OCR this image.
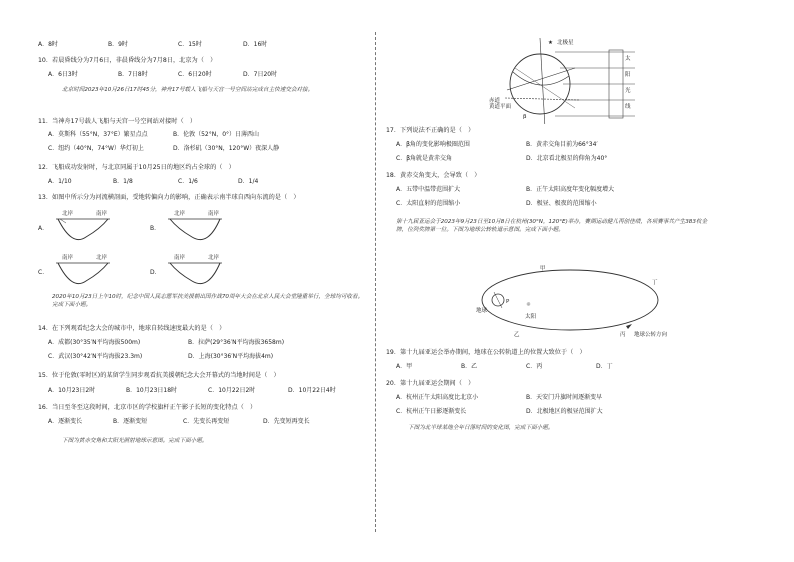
A．8时	B．9时	C．15时	D．16时
10．若晨昏线分为7月6日，非晨昏线分为7月8日，北京为（　）
A．6日3时	B．7日8时	C．6日20时	D．7日20时
北京时间2023年10月26日17时45分，神舟17号载人飞船与天宫一号空间站完成自主快速交会对接。
11．当神舟17号载人飞船与天宫一号空间站对接时（　）
A．莫斯科（55°N，37°E）繁星点点	B．伦敦（52°N，0°）日薄西山
C．纽约（40°N，74°W）华灯初上	D．洛杉矶（30°N，120°W）夜深人静
12．飞船成功发射时，与北京同属于10月25日的地区约占全球的（　）
A．1/10	B．1/8	C．1/6	D．1/4
13．如图中所示分为河流横剖面，受地转偏向力的影响，正确表示南半球自西向东流的是（　）
A．
北岸	南岸
B．
北岸	南岸
C．
南岸	北岸
D．
南岸	北岸
2020年10月23日上午10时，纪念中国人民志愿军抗美援朝出国作战70周年大会在北京人民大会堂隆重举行，全球均可收看。完成下面小题。
14．在下列观看纪念大会的城市中，地球自转线速度最大的是（　）
A．成都(30°35′N平均海拔500m)	B．拉萨(29°36′N平均海拔3658m)
C．武汉(30°42′N平均海拔23.3m)	D．上海(30°36′N平均海拔4m)
15．位于伦敦(零时区)的某留学生同步观看抗美援朝纪念大会开幕式的当地时间是（　）
A．10月23日2时	B．10月23日18时	C．10月22日2时	D．10月22日4时
16．当日至冬至这段时间，北京市区的学校旗杆正午影子长短的变化特点（　）
A．逐渐变长	B．逐渐变短	C．先变长再变短	D．先变短再变长
下图为黄赤交角和太阳光照射地球示意图。完成下面小题。
★ 北极星
太
阳
光
线
赤道
黄道平面
β
17．下列说法不正确的是（　）
A．β角的变化影响极圈范围	B．黄赤交角目前为66°34′
C．β角就是黄赤交角	D．北京看北极星的仰角为40°
18．黄赤交角变大，会导致（　）
A．五带中温带范围扩大	B．正午太阳高度年变化幅度增大
C．太阳直射的范围缩小	D．极昼、极夜的范围缩小
第十九届亚运会于2023年9月23日至10月8日在杭州(30°N，120°E)举办，赛期运动健儿再创佳绩，各项赛事共产生383枚金牌，位列奖牌第一位。下图为地球公转轨道示意图。完成下面小题。
P	☼
太阳
地球
甲
乙	丙
丁
地球公转方向
19．第十九届亚运会举办期间，地球在公转轨道上的位置大致位于（　）
A．甲	B．乙	C．丙	D．丁
20．第十九届亚运会期间（　）
A．杭州正午太阳高度比北京小	B．天安门升旗时间逐渐变早
C．杭州正午日影逐渐变长	D．北极地区的极昼范围扩大
下图为北半球某地全年日落时间的变化图，完成下面小题。
